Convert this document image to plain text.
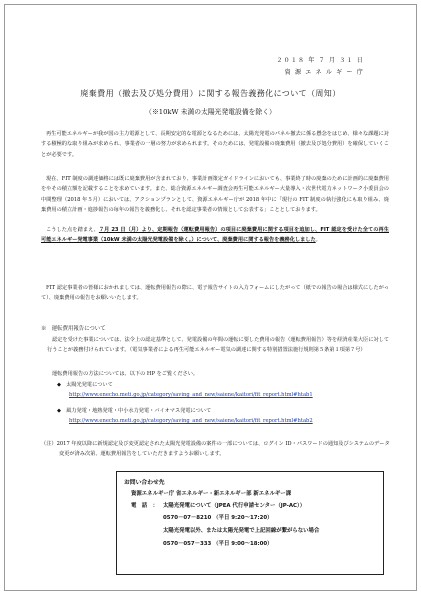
２０１８ 年 ７ 月 ３１ 日
資 源 エ ネ ル ギ ー 庁
廃棄費用（撤去及び処分費用）に関する報告義務化について（周知）
（※10kW 未満の太陽光発電設備を除く）
再生可能エネルギーが我が国の主力電源として、長期安定的な電源となるためには、太陽光発電のパネル撤去に係る懸念をはじめ、様々な課題に対する積極的な取り組みが求められ、事業者の一層の努力が求められます。そのためには、発電設備の廃棄費用（撤去及び処分費用）を確保していくことが必要です。
現在、FIT 制度の調達価格には既に廃棄費用が含まれており、事業計画策定ガイドラインにおいても、事業終了時の廃棄のために計画的に廃棄費用をやその積立額を記載することを求めています。また、総合資源エネルギー調査会再生可能エネルギー大量導入・次世代電力ネットワーク小委員会の中間整理（2018 年５月）においては、アクションプランとして、資源エネルギー庁が 2018 年中に「現行の FIT 制度の執行強化にも取り組み、廃棄費用の積立計画・進捗報告の毎年の報告を義務化し、それを認定事業者の情報として公表する」こととしております。
こうした点を踏まえ、７月 23 日（月）より、定期報告（運転費用報告）の項目に廃棄費用に関する項目を追加し、FIT 認定を受けた全ての再生可能エネルギー発電事業（10kW 未満の太陽光発電設備を除く。）について、廃棄費用に関する報告を義務化しました。
FIT 認定事業者の皆様におかれましては、運転費用報告の際に、電子報告サイトの入力フォームにしたがって（紙での報告の場合は様式にしたがって）、廃棄費用の報告をお願いいたします。
※　運転費用報告について
認定を受けた事業については、法令上の認定基準として、発電設備の年間の運転に要した費用の報告（運転費用報告）等を経済産業大臣に対して行うことが義務付けられています。（電気事業者による再生可能エネルギー電気の調達に関する特別措置法施行規則第５条第１項第７号）
運転費用報告の方法については、以下の HP をご覧ください。
◆　太陽光発電について
http://www.enecho.meti.go.jp/category/saving_and_new/saiene/kaitori/fit_report.html#htab1
◆　風力発電・地熱発電・中小水力発電・バイオマス発電について
http://www.enecho.meti.go.jp/category/saving_and_new/saiene/kaitori/fit_report.html#htab2
（注）2017 年度以降に新規認定及び変更認定された太陽光発電設備の案件の一部については、ログイン ID・パスワードの通知及びシステムのデータ変更が済み次第、運転費用報告をしていただきますようお願いします。
お問い合わせ先
資源エネルギー庁 省エネルギー・新エネルギー部 新エネルギー課
電　話　： 太陽光発電について（JPEA 代行申請センター（JP-AC））
0570－07－8210 （平日 9:20～17:20）
太陽光発電以外、または太陽光発電で上記回線が繋がらない場合
0570－057－333 （平日 9:00～18:00）
